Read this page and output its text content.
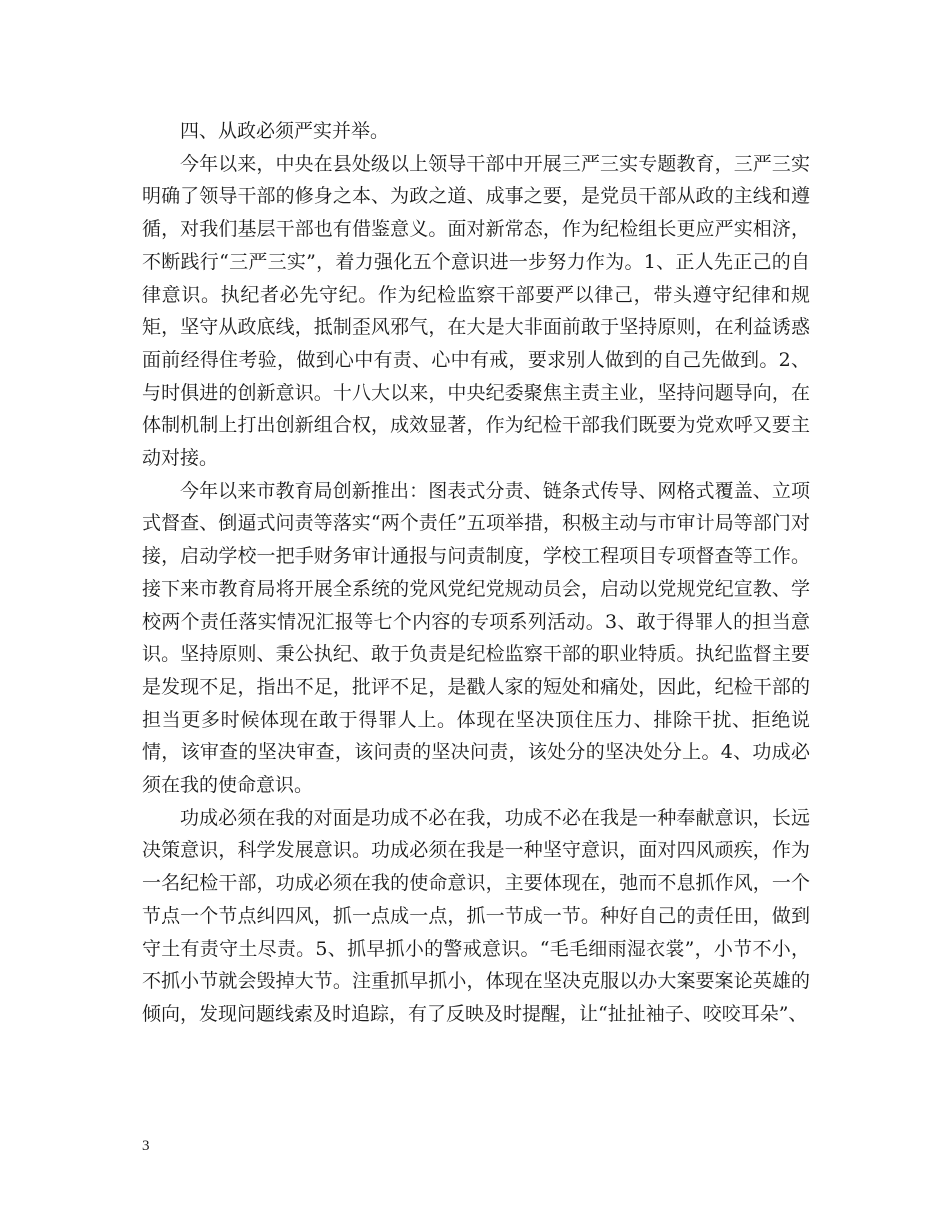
四、从政必须严实并举。

今年以来，中央在县处级以上领导干部中开展三严三实专题教育，三严三实明确了领导干部的修身之本、为政之道、成事之要，是党员干部从政的主线和遵循，对我们基层干部也有借鉴意义。面对新常态，作为纪检组长更应严实相济，不断践行“三严三实”，着力强化五个意识进一步努力作为。1、正人先正己的自律意识。执纪者必先守纪。作为纪检监察干部要严以律己，带头遵守纪律和规矩，坚守从政底线，抵制歪风邪气，在大是大非面前敢于坚持原则，在利益诱惑面前经得住考验，做到心中有责、心中有戒，要求别人做到的自己先做到。2、与时俱进的创新意识。十八大以来，中央纪委聚焦主责主业，坚持问题导向，在体制机制上打出创新组合权，成效显著，作为纪检干部我们既要为党欢呼又要主动对接。

今年以来市教育局创新推出：图表式分责、链条式传导、网格式覆盖、立项式督查、倒逼式问责等落实“两个责任”五项举措，积极主动与市审计局等部门对接，启动学校一把手财务审计通报与问责制度，学校工程项目专项督查等工作。接下来市教育局将开展全系统的党风党纪党规动员会，启动以党规党纪宣教、学校两个责任落实情况汇报等七个内容的专项系列活动。3、敢于得罪人的担当意识。坚持原则、秉公执纪、敢于负责是纪检监察干部的职业特质。执纪监督主要是发现不足，指出不足，批评不足，是戳人家的短处和痛处，因此，纪检干部的担当更多时候体现在敢于得罪人上。体现在坚决顶住压力、排除干扰、拒绝说情，该审查的坚决审查，该问责的坚决问责，该处分的坚决处分上。4、功成必须在我的使命意识。

功成必须在我的对面是功成不必在我，功成不必在我是一种奉献意识，长远决策意识，科学发展意识。功成必须在我是一种坚守意识，面对四风顽疾，作为一名纪检干部，功成必须在我的使命意识，主要体现在，弛而不息抓作风，一个节点一个节点纠四风，抓一点成一点，抓一节成一节。种好自己的责任田，做到守土有责守土尽责。5、抓早抓小的警戒意识。“毛毛细雨湿衣裳”，小节不小，不抓小节就会毁掉大节。注重抓早抓小，体现在坚决克服以办大案要案论英雄的倾向，发现问题线索及时追踪，有了反映及时提醒，让“扯扯袖子、咬咬耳朵”、

3
